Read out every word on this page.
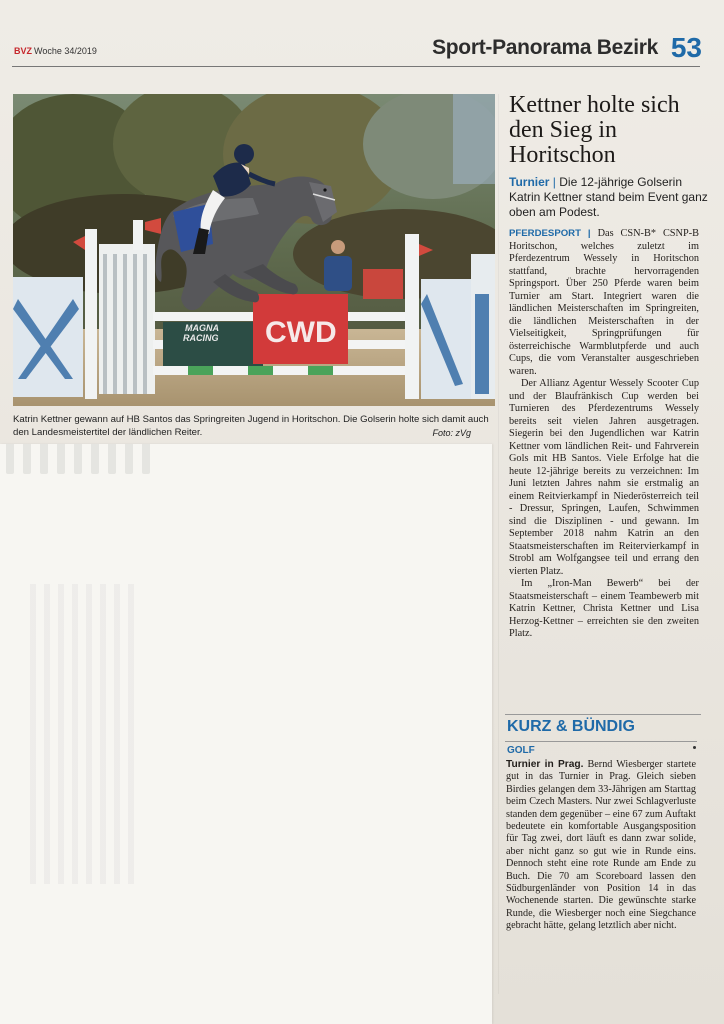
BVZ Woche 34/2019	Sport-Panorama Bezirk 53
MAGNA
RACING CWD
Katrin Kettner gewann auf HB Santos das Springreiten Jugend in Horitschon. Die Golserin holte sich damit auch den Landesmeistertitel der ländlichen Reiter.	Foto: zVg
Kettner holte sich den Sieg in Horitschon
Turnier | Die 12-jährige Golserin Katrin Kettner stand beim Event ganz oben am Podest.

PFERDESPORT | Das CSN-B* CSNP-B Horitschon, welches zuletzt im Pferdezentrum Wessely in Horitschon stattfand, brachte hervorragenden Springsport. Über 250 Pferde waren beim Turnier am Start. Integriert waren die ländlichen Meisterschaften im Springreiten, die ländlichen Meisterschaften in der Vielseitigkeit, Springprüfungen für österreichische Warmblutpferde und auch Cups, die vom Veranstalter ausgeschrieben waren.

Der Allianz Agentur Wessely Scooter Cup und der Blaufränkisch Cup werden bei Turnieren des Pferdezentrums Wessely bereits seit vielen Jahren ausgetragen. Siegerin bei den Jugendlichen war Katrin Kettner vom ländlichen Reit- und Fahrverein Gols mit HB Santos. Viele Erfolge hat die heute 12-jährige bereits zu verzeichnen: Im Juni letzten Jahres nahm sie erstmalig an einem Reitvierkampf in Niederösterreich teil - Dressur, Springen, Laufen, Schwimmen sind die Disziplinen - und gewann. Im September 2018 nahm Katrin an den Staatsmeisterschaften im Reitervierkampf in Strobl am Wolfgangsee teil und errang den vierten Platz.

Im „Iron-Man Bewerb“ bei der Staatsmeisterschaft – einem Teambewerb mit Katrin Kettner, Christa Kettner und Lisa Herzog-Kettner – erreichten sie den zweiten Platz.

KURZ & BÜNDIG
GOLF
Turnier in Prag. Bernd Wiesberger startete gut in das Turnier in Prag. Gleich sieben Birdies gelangen dem 33-Jährigen am Starttag beim Czech Masters. Nur zwei Schlagverluste standen dem gegenüber – eine 67 zum Auftakt bedeutete ein komfortable Ausgangsposition für Tag zwei, dort läuft es dann zwar solide, aber nicht ganz so gut wie in Runde eins. Dennoch steht eine rote Runde am Ende zu Buch. Die 70 am Scoreboard lassen den Südburgenländer von Position 14 in das Wochenende starten. Die gewünschte starke Runde, die Wiesberger noch eine Siegchance gebracht hätte, gelang letztlich aber nicht.
